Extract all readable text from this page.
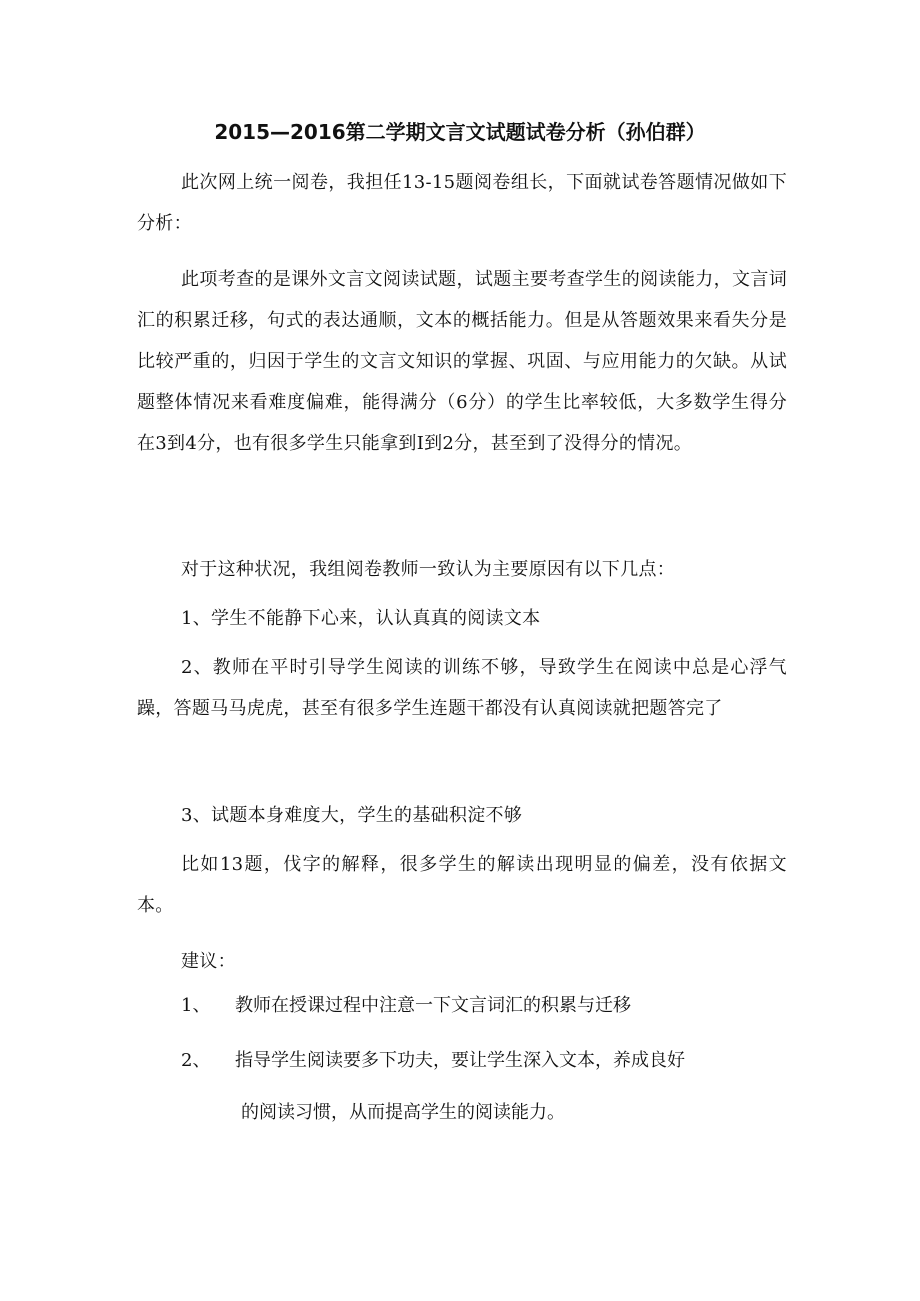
2015—2016第二学期文言文试题试卷分析（孙伯群）

此次网上统一阅卷，我担任13-15题阅卷组长，下面就试卷答题情况做如下分析：

此项考查的是课外文言文阅读试题，试题主要考查学生的阅读能力，文言词汇的积累迁移，句式的表达通顺，文本的概括能力。但是从答题效果来看失分是比较严重的，归因于学生的文言文知识的掌握、巩固、与应用能力的欠缺。从试题整体情况来看难度偏难，能得满分（6分）的学生比率较低，大多数学生得分在3到4分，也有很多学生只能拿到I到2分，甚至到了没得分的情况。

对于这种状况，我组阅卷教师一致认为主要原因有以下几点：

1、学生不能静下心来，认认真真的阅读文本

2、教师在平时引导学生阅读的训练不够，导致学生在阅读中总是心浮气躁，答题马马虎虎，甚至有很多学生连题干都没有认真阅读就把题答完了

3、试题本身难度大，学生的基础积淀不够

比如13题，伐字的解释，很多学生的解读出现明显的偏差，没有依据文本。

建议：

1、 教师在授课过程中注意一下文言词汇的积累与迁移
2、 指导学生阅读要多下功夫，要让学生深入文本，养成良好
的阅读习惯，从而提高学生的阅读能力。
